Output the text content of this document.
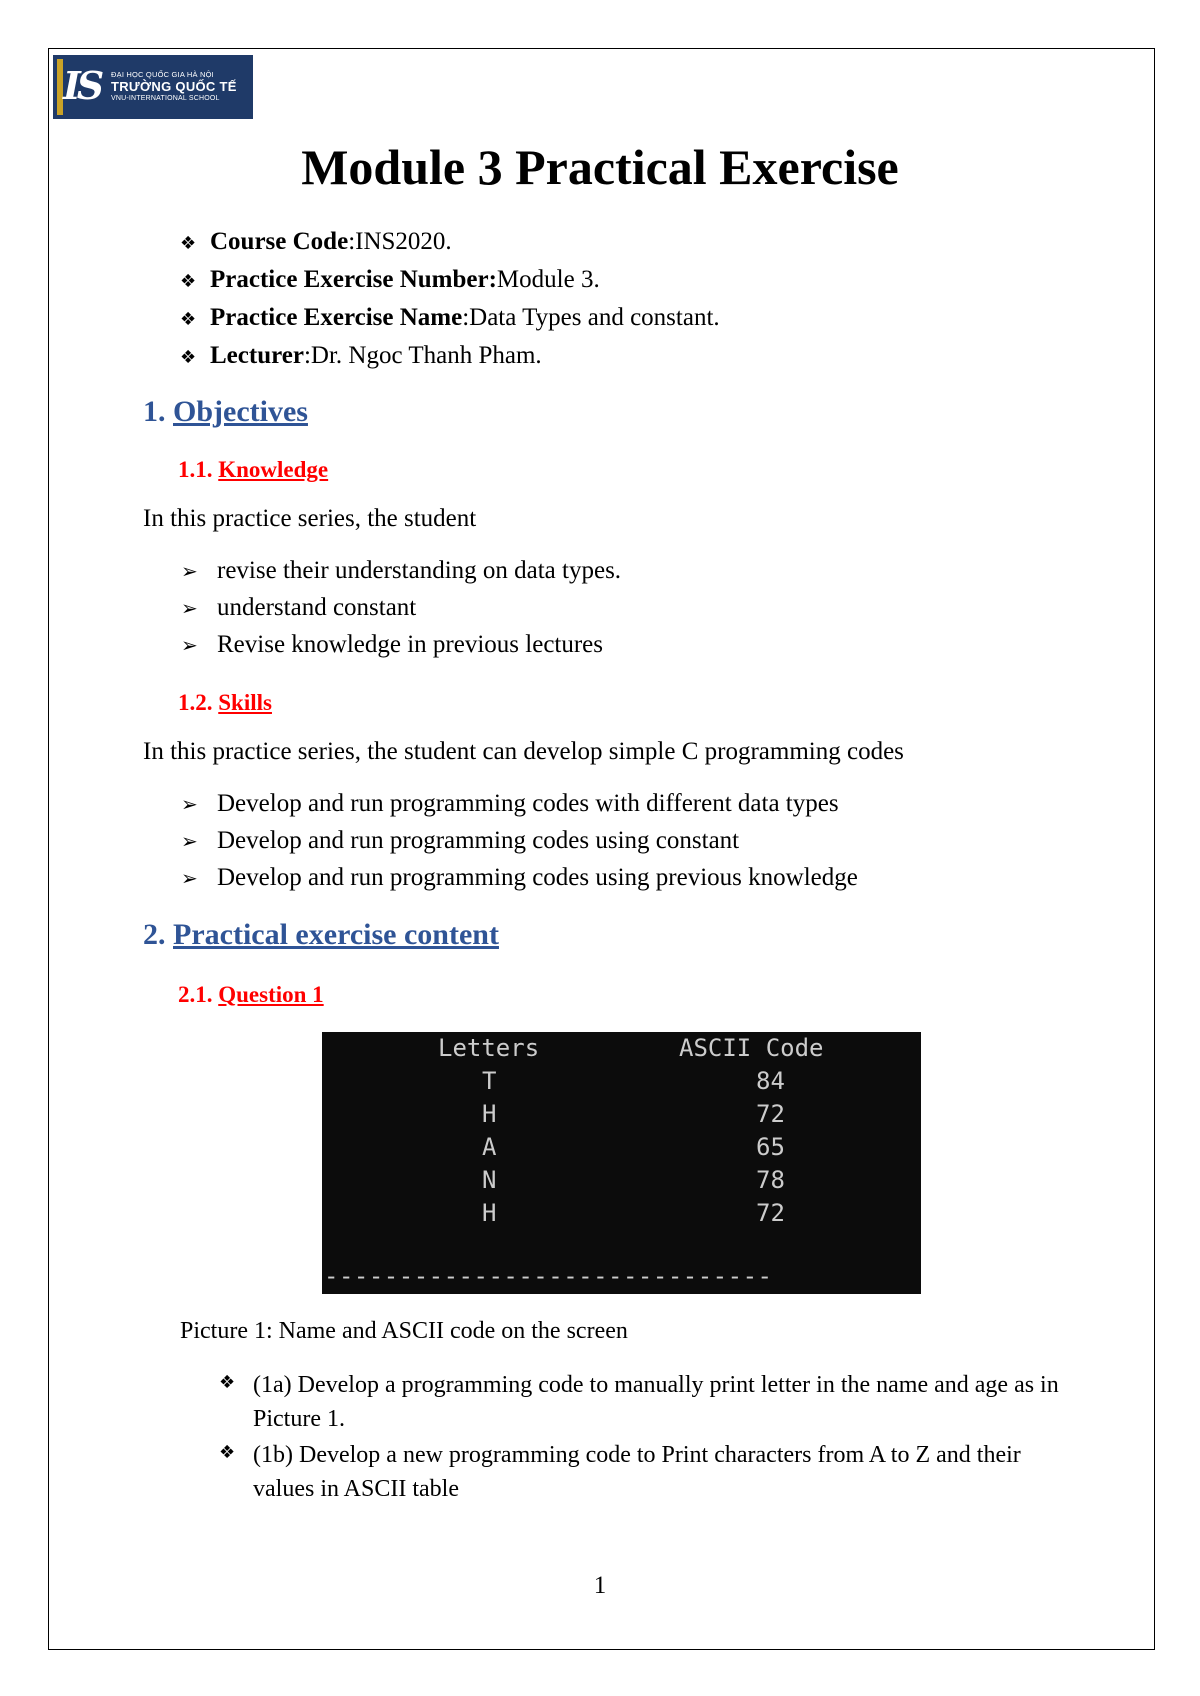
IS ĐẠI HỌC QUỐC GIA HÀ NỘI
TRƯỜNG QUỐC TẾ
VNU-INTERNATIONAL SCHOOL
Module 3 Practical Exercise
❖ Course Code : INS2020.
❖ Practice Exercise Number: Module 3.
❖ Practice Exercise Name : Data Types and constant.
❖ Lecturer : Dr. Ngoc Thanh Pham.
1. Objectives
1.1. Knowledge
In this practice series, the student
➢ revise their understanding on data types.
➢ understand constant
➢ Revise knowledge in previous lectures
1.2. Skills
In this practice series, the student can develop simple C programming codes
➢ Develop and run programming codes with different data types
➢ Develop and run programming codes using constant
➢ Develop and run programming codes using previous knowledge
2. Practical exercise content
2.1. Question 1
Letters	ASCII Code
T	84
H	72
A	65
N	78
H	72
------------------------------
Picture 1: Name and ASCII code on the screen
❖ (1a) Develop a programming code to manually print letter in the name and age as in Picture 1.
❖ (1b) Develop a new programming code to Print characters from A to Z and their values in ASCII table
1
